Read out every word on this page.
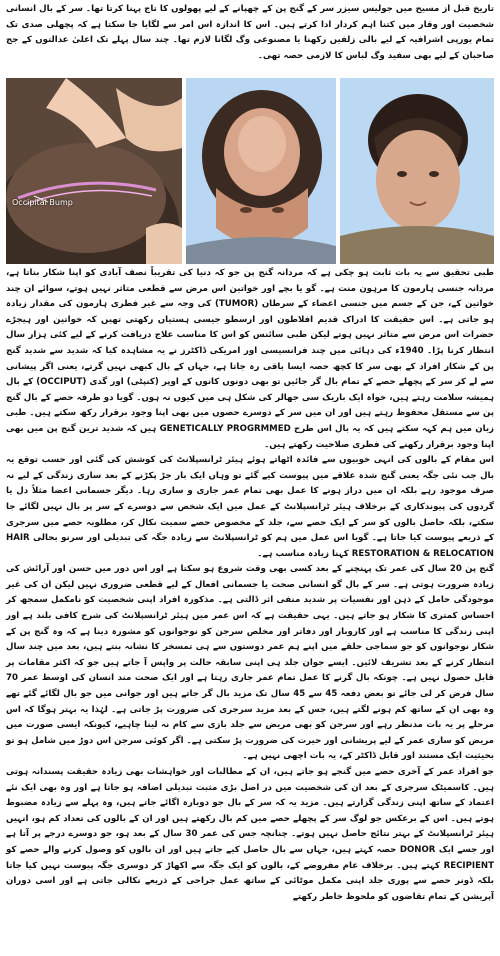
تاریخ قبل از مسیح میں جولیس سیزر سر کے گنج پن کے چھپانے کے لیے پھولوں کا تاج پہنا کرتا تھا۔ سر کے بال انسانی شخصیت اور وقار میں کتنا اہم کردار ادا کرتے ہیں۔ اس کا اندازہ اس امر سے لگایا جا سکتا ہے کہ پچھلی صدی تک تمام یورپی اشرافیہ کے لیے بالی زلفیں رکھنا یا مصنوعی وگ لگانا لازم تھا۔ چند سال پہلے تک اعلیٰ عدالتوں کے جج صاحبان کے لیے بھی سفید وگ لباس کا لازمی حصہ تھی۔

Occipital Bump

طبی تحقیق سے یہ بات ثابت ہو چکی ہے کہ مردانہ گنج پن جو کہ دنیا کی تقریباً نصف آبادی کو اپنا شکار بناتا ہے، مردانہ جنسی ہارمون کا مرہون منت ہے۔ گو یا بچے اور خواتین اس مرض سے قطعی متاثر نہیں ہوتے، سوائے ان چند خواتین کے، جن کے جسم میں جنسی اعضاء کے سرطان (TUMOR) کی وجہ سے غیر فطری ہارمون کی مقدار زیادہ ہو جاتی ہے۔ اس حقیقت کا ادراک قدیم افلاطون اور ارسطو جیسی ہستیاں رکھتی تھیں کہ خواتین اور ہیجڑے حضرات اس مرض سے متاثر نہیں ہوتے لیکن طبی سائنس کو اس کا مناسب علاج دریافت کرنے کے لیے کئی ہزار سال انتظار کرنا پڑا۔ 1940ء کی دہائی میں چند فرانسیسی اور امریکی ڈاکٹرز نے یہ مشاہدہ کیا کہ شدید سے شدید گنج پن کے شکار افراد کے بھی سر کا کچھ حصہ ایسا باقی رہ جاتا ہے، جہاں کے بال کبھی نہیں گرتے، یعنی اگر پیشانی سے لے کر سر کے پچھلے حصے کے تمام بال گر جائیں تو بھی دونوں کانوں کے اوپر (کنپٹی) اور گدی (OCCIPUT) کے بال ہمیشہ سلامت رہتے ہیں، خواہ ایک باریک سی جھالر کی شکل ہی میں کیوں نہ ہوں۔ گویا دو طرفہ حصے کے بال گنج پن سے مستقل محفوظ رہتے ہیں اور ان میں سر کے دوسرے حصوں میں بھی اپنا وجود برقرار رکھ سکتے ہیں۔ طبی زبان میں ہم کہہ سکتے ہیں کہ یہ بال اس طرح GENETICALLY PROGRMMED ہیں کہ شدید ترین گنج پن میں بھی اپنا وجود برقرار رکھنے کی فطری صلاحیت رکھتے ہیں۔

اس مقام کے بالوں کی انہی خوبیوں سے فائدہ اٹھاتے ہوئے ہیئر ٹرانسپلانٹ کی کوشش کی گئی اور حسب توقع یہ بال جب نئی جگہ یعنی گنج شدہ علاقے میں پیوست کیے گئے تو وہاں ایک بار جڑ پکڑنے کے بعد ساری زندگی کے لیے نہ صرف موجود رہے بلکہ ان میں دراز ہونے کا عمل بھی تمام عمر جاری و ساری رہا۔ دیگر جسمانی اعضا مثلاً دل یا گردوں کی پیوندکاری کے برخلاف ہیئر ٹرانسپلانٹ کے عمل میں ایک شخص سے دوسرے کے سر پر بال نہیں لگائے جا سکتے، بلکہ حاصل بالوں کو سر کے ایک حصے سے، جلد کے مخصوص حصے سمیت نکال کر، مطلوبہ حصے میں سرجری کے ذریعے پیوست کیا جاتا ہے۔ گویا اس عمل میں ہم کو ٹرانسپلانٹ سے زیادہ جگہ کی تبدیلی اور سرنو بحالی HAIR RESTORATION & RELOCATION کہنا زیادہ مناسب ہے۔

گنج پن 20 سال کی عمر تک پہنچنے کے بعد کسی بھی وقت شروع ہو سکتا ہے اور اس دور میں حسن اور آرائش کی زیادہ ضرورت ہوتی ہے۔ سر کے بال گو انسانی صحت یا جسمانی افعال کے لیے قطعی ضروری نہیں لیکن ان کی غیر موجودگی حامل کے ذہن اور نفسیات پر شدید منفی اثر ڈالتی ہے۔ مذکورہ افراد اپنی شخصیت کو نامکمل سمجھ کر احساس کمتری کا شکار ہو جاتے ہیں۔ یہی حقیقت ہے کہ اس عمر میں ہیئر ٹرانسپلانٹ کی شرح کافی بلند ہے اور اپنی زندگی کا مناسب ہے اور کاروبار اور دفاتر اور مخلص سرجن کو نوجوانوں کو مشورہ دینا ہے کہ وہ گنج پن کے شکار نوجوانوں کو جو سماجی حلقے میں اپنے ہم عمر دوستوں سے ہی تمسخر کا نشانہ بنتے ہیں، بعد میں چند سال انتظار کرنے کے بعد تشریف لائیں۔ ایسے جوان جلد ہی اپنی سابقہ حالت پر واپس آ جاتے ہیں جو کہ اکثر مقامات پر قابل حصول نہیں ہے۔ چونکہ بال گرنے کا عمل تمام عمر جاری رہتا ہے اور ایک صحت مند انسان کی اوسط عمر 70 سال فرض کر لی جائے تو بعض دفعہ 45 سے 45 سال تک مزید بال گر جاتے ہیں اور جوانی میں جو بال لگائے گئے تھے وہ بھی ان کے ساتھ کم ہونے لگتے ہیں، جس کے بعد مزید سرجری کی ضرورت پڑ جاتی ہے۔ لہٰذا یہ بہتر ہوگا کہ اس مرحلے پر یہ بات مدنظر رہے اور سرجن کو بھی مریض سے جلد بازی سے کام نہ لینا چاہیے، کیونکہ ایسی صورت میں مریض کو ساری عمر کے لیے پریشانی اور حیرت کی ضرورت پڑ سکتی ہے۔ اگر کوئی سرجن اس دوڑ میں شامل ہو تو بحیثیت ایک مستند اور قابل ڈاکٹر کے، یہ بات اچھی نہیں ہے۔

جو افراد عمر کے آخری حصے میں گنجے ہو جاتے ہیں، ان کے مطالبات اور خواہشات بھی زیادہ حقیقت پسندانہ ہوتی ہیں۔ کاسمیٹک سرجری کے بعد ان کی شخصیت میں در اصل بڑی مثبت تبدیلی اضافہ ہو جاتا ہے اور وہ بھی ایک نئے اعتماد کے ساتھ اپنی زندگی گزارتے ہیں۔ مزید یہ کہ سر کے بال جو دوبارہ اگائے جاتے ہیں، وہ پہلے سے زیادہ مضبوط ہوتے ہیں۔ اس کے برعکس جو لوگ سر کے پچھلے حصے میں کم بال رکھتے ہیں اور ان کے بالوں کی تعداد کم ہو، انہیں ہیئر ٹرانسپلانٹ کے بہتر نتائج حاصل نہیں ہوتے۔ چنانچہ جس کی عمر 30 سال کے بعد ہو، جو دوسرے درجے پر آتا ہے اور جسے ایک DONOR حصہ کہتے ہیں، جہاں سے بال حاصل کیے جاتے ہیں اور ان بالوں کو وصول کرنے والے حصے کو RECIPIENT کہتے ہیں۔ برخلاف عام مفروضے کے، بالوں کو ایک جگہ سے اکھاڑ کر دوسری جگہ پیوست نہیں کیا جاتا بلکہ ڈونر حصے سے پوری جلد اپنی مکمل موٹائی کے ساتھ عمل جراحی کے ذریعے نکالی جاتی ہے اور اسی دوران آپریشن کے تمام تقاضوں کو ملحوظ خاطر رکھتے
